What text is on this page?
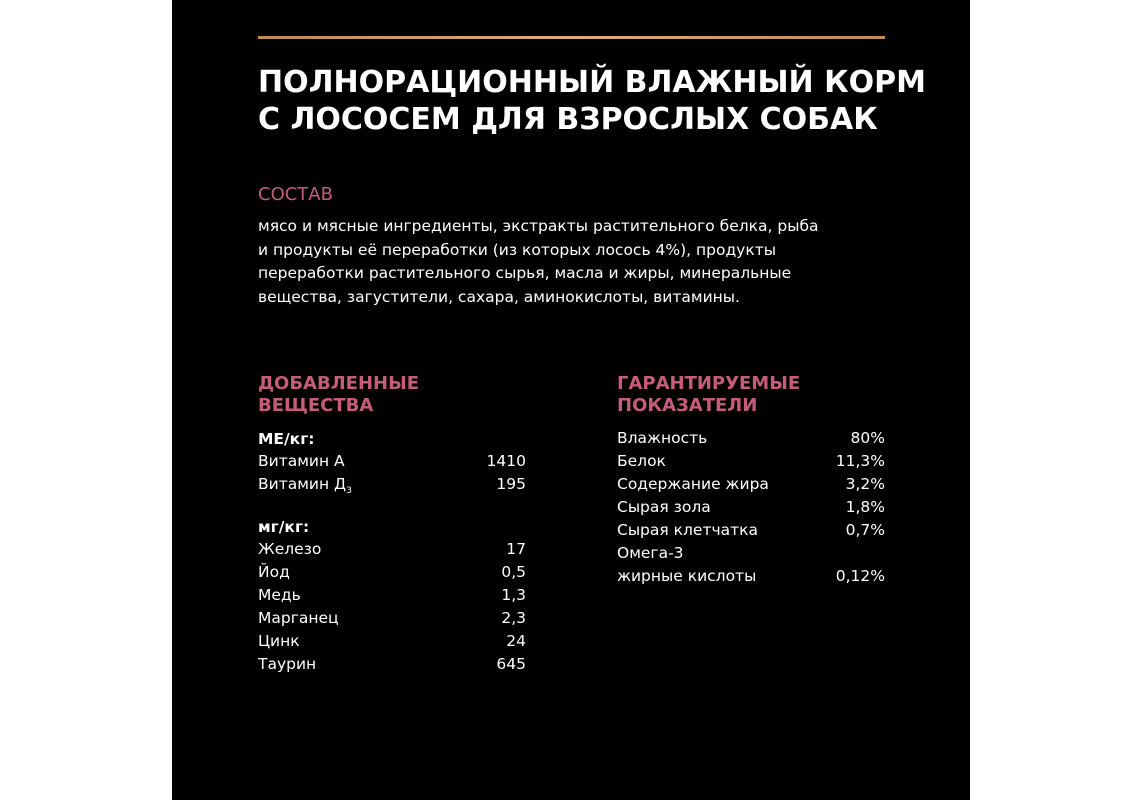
ПОЛНОРАЦИОННЫЙ ВЛАЖНЫЙ КОРМ
С ЛОСОСЕМ ДЛЯ ВЗРОСЛЫХ СОБАК
СОСТАВ

мясо и мясные ингредиенты, экстракты растительного белка, рыба
и продукты её переработки (из которых лосось 4%), продукты
переработки растительного сырья, масла и жиры, минеральные
вещества, загустители, сахара, аминокислоты, витамины.

ДОБАВЛЕННЫЕ
ВЕЩЕСТВА
МЕ/кг:
Витамин А	1410
Витамин $Д_3$	195
мг/кг:
Железо	17
Йод	0,5
Медь	1,3
Марганец	2,3
Цинк	24
Таурин	645
ГАРАНТИРУЕМЫЕ
ПОКАЗАТЕЛИ
Влажность	80%
Белок	11,3%
Содержание жира	3,2%
Сырая зола	1,8%
Сырая клетчатка	0,7%
Омега-3
жирные кислоты	0,12%
